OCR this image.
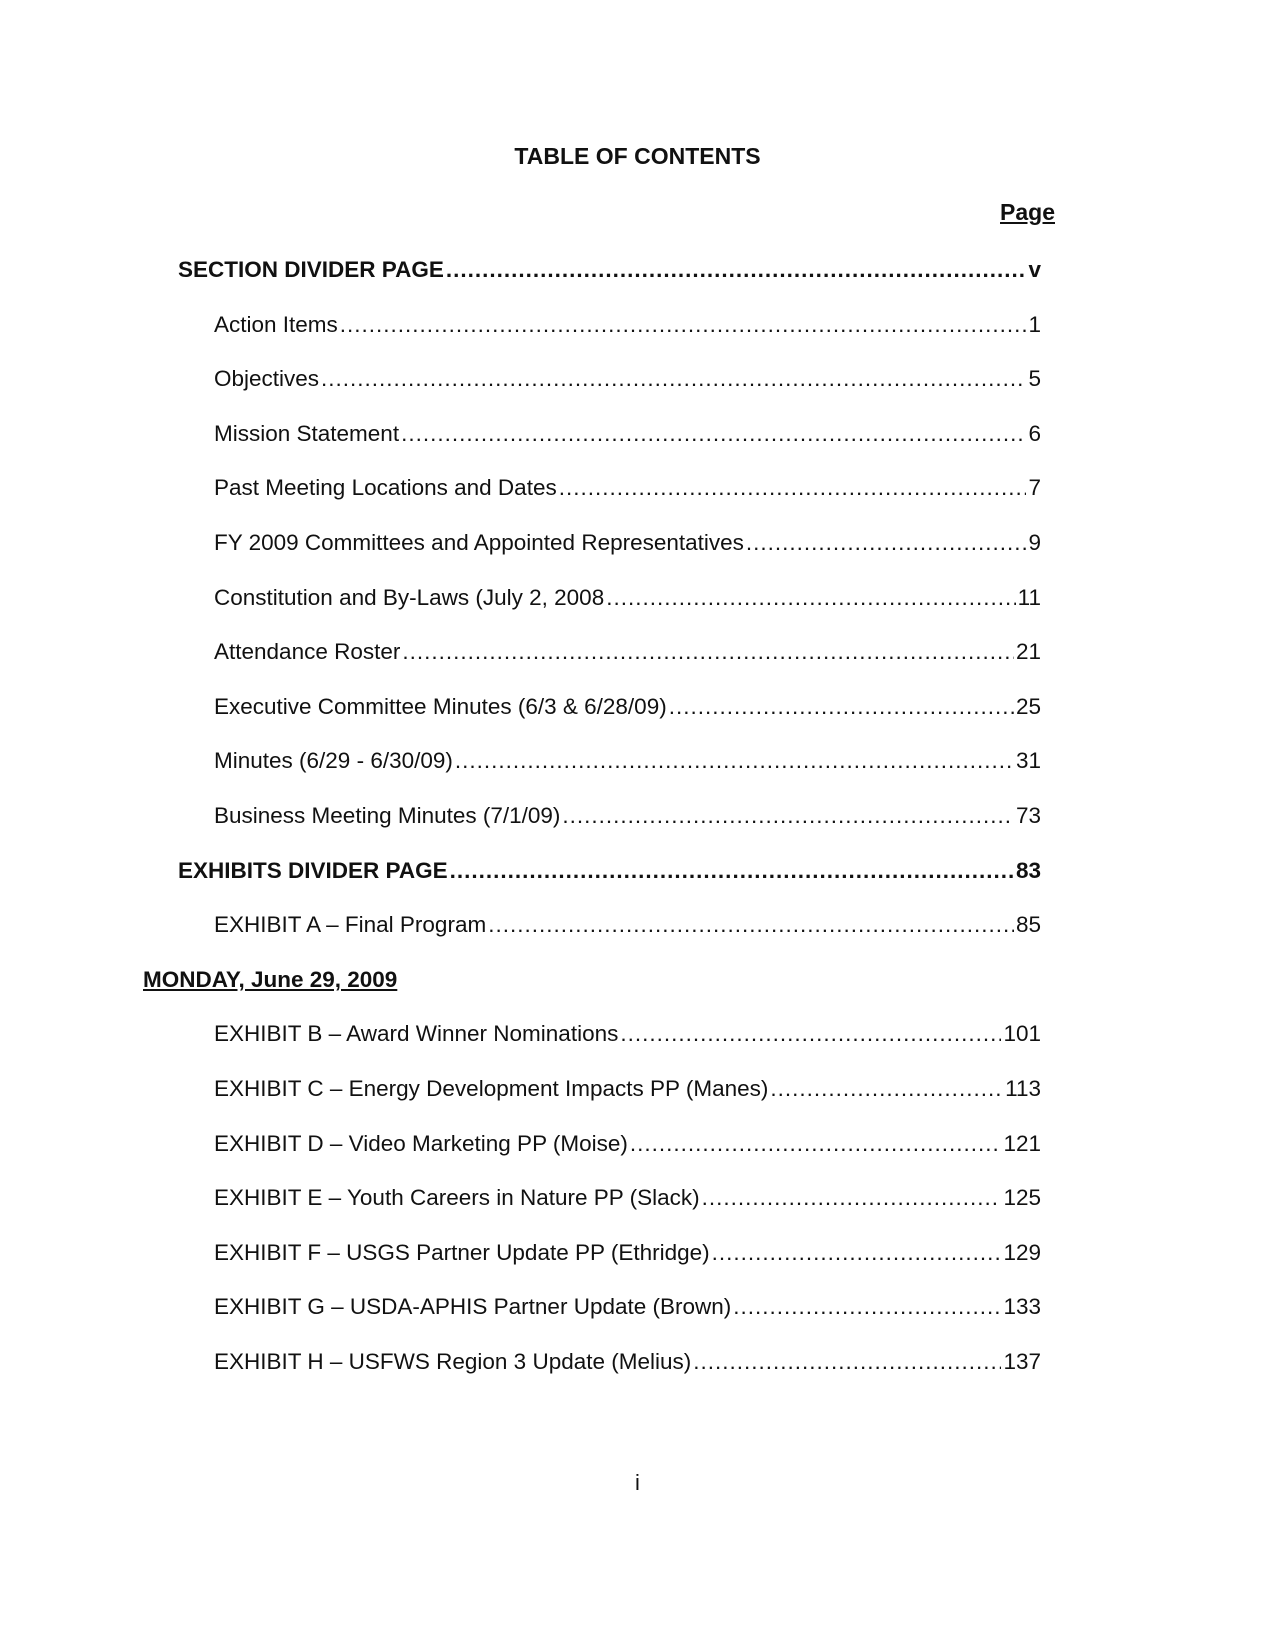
TABLE OF CONTENTS
Page
SECTION DIVIDER PAGE .....	v
Action Items .....	1
Objectives .....	5
Mission Statement .....	6
Past Meeting Locations and Dates .....	7
FY 2009 Committees and Appointed Representatives .....	9
Constitution and By-Laws (July 2, 2008 .....	11
Attendance Roster .....	21
Executive Committee Minutes (6/3 & 6/28/09) .....	25
Minutes (6/29 - 6/30/09) .....	31
Business Meeting Minutes (7/1/09) .....	73
EXHIBITS DIVIDER PAGE .....	83
EXHIBIT A – Final Program .....	85
MONDAY, June 29, 2009
EXHIBIT B – Award Winner Nominations .....	101
EXHIBIT C – Energy Development Impacts PP (Manes) .....	113
EXHIBIT D – Video Marketing PP (Moise) .....	121
EXHIBIT E – Youth Careers in Nature PP (Slack) .....	125
EXHIBIT F – USGS Partner Update PP (Ethridge) .....	129
EXHIBIT G – USDA-APHIS Partner Update (Brown) .....	133
EXHIBIT H – USFWS Region 3 Update (Melius) .....	137
i
